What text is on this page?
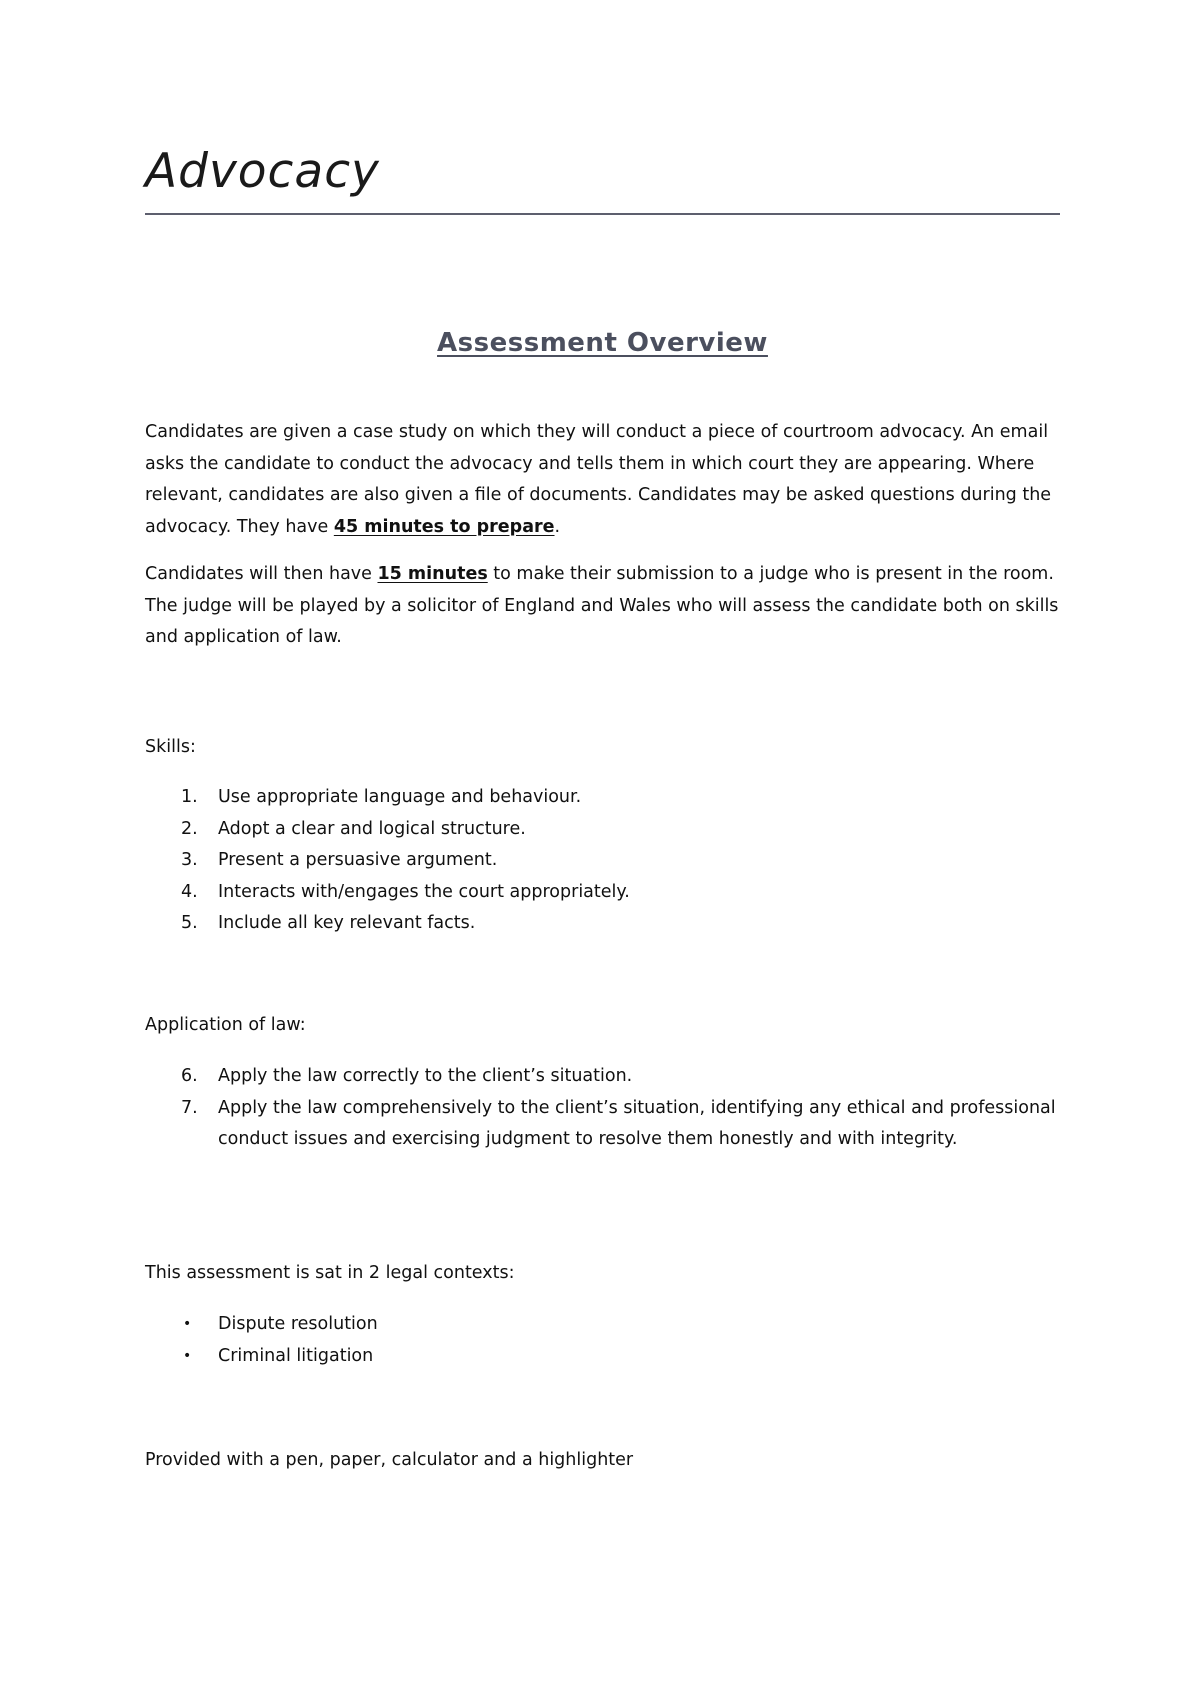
Advocacy
Assessment Overview

Candidates are given a case study on which they will conduct a piece of courtroom advocacy. An email asks the candidate to conduct the advocacy and tells them in which court they are appearing. Where relevant, candidates are also given a file of documents. Candidates may be asked questions during the advocacy. They have 45 minutes to prepare.

Candidates will then have 15 minutes to make their submission to a judge who is present in the room. The judge will be played by a solicitor of England and Wales who will assess the candidate both on skills and application of law.

Skills:

1. Use appropriate language and behaviour.
2. Adopt a clear and logical structure.
3. Present a persuasive argument.
4. Interacts with/engages the court appropriately.
5. Include all key relevant facts.

Application of law:

6. Apply the law correctly to the client’s situation.
7. Apply the law comprehensively to the client’s situation, identifying any ethical and professional conduct issues and exercising judgment to resolve them honestly and with integrity.

This assessment is sat in 2 legal contexts:

• Dispute resolution
• Criminal litigation

Provided with a pen, paper, calculator and a highlighter
